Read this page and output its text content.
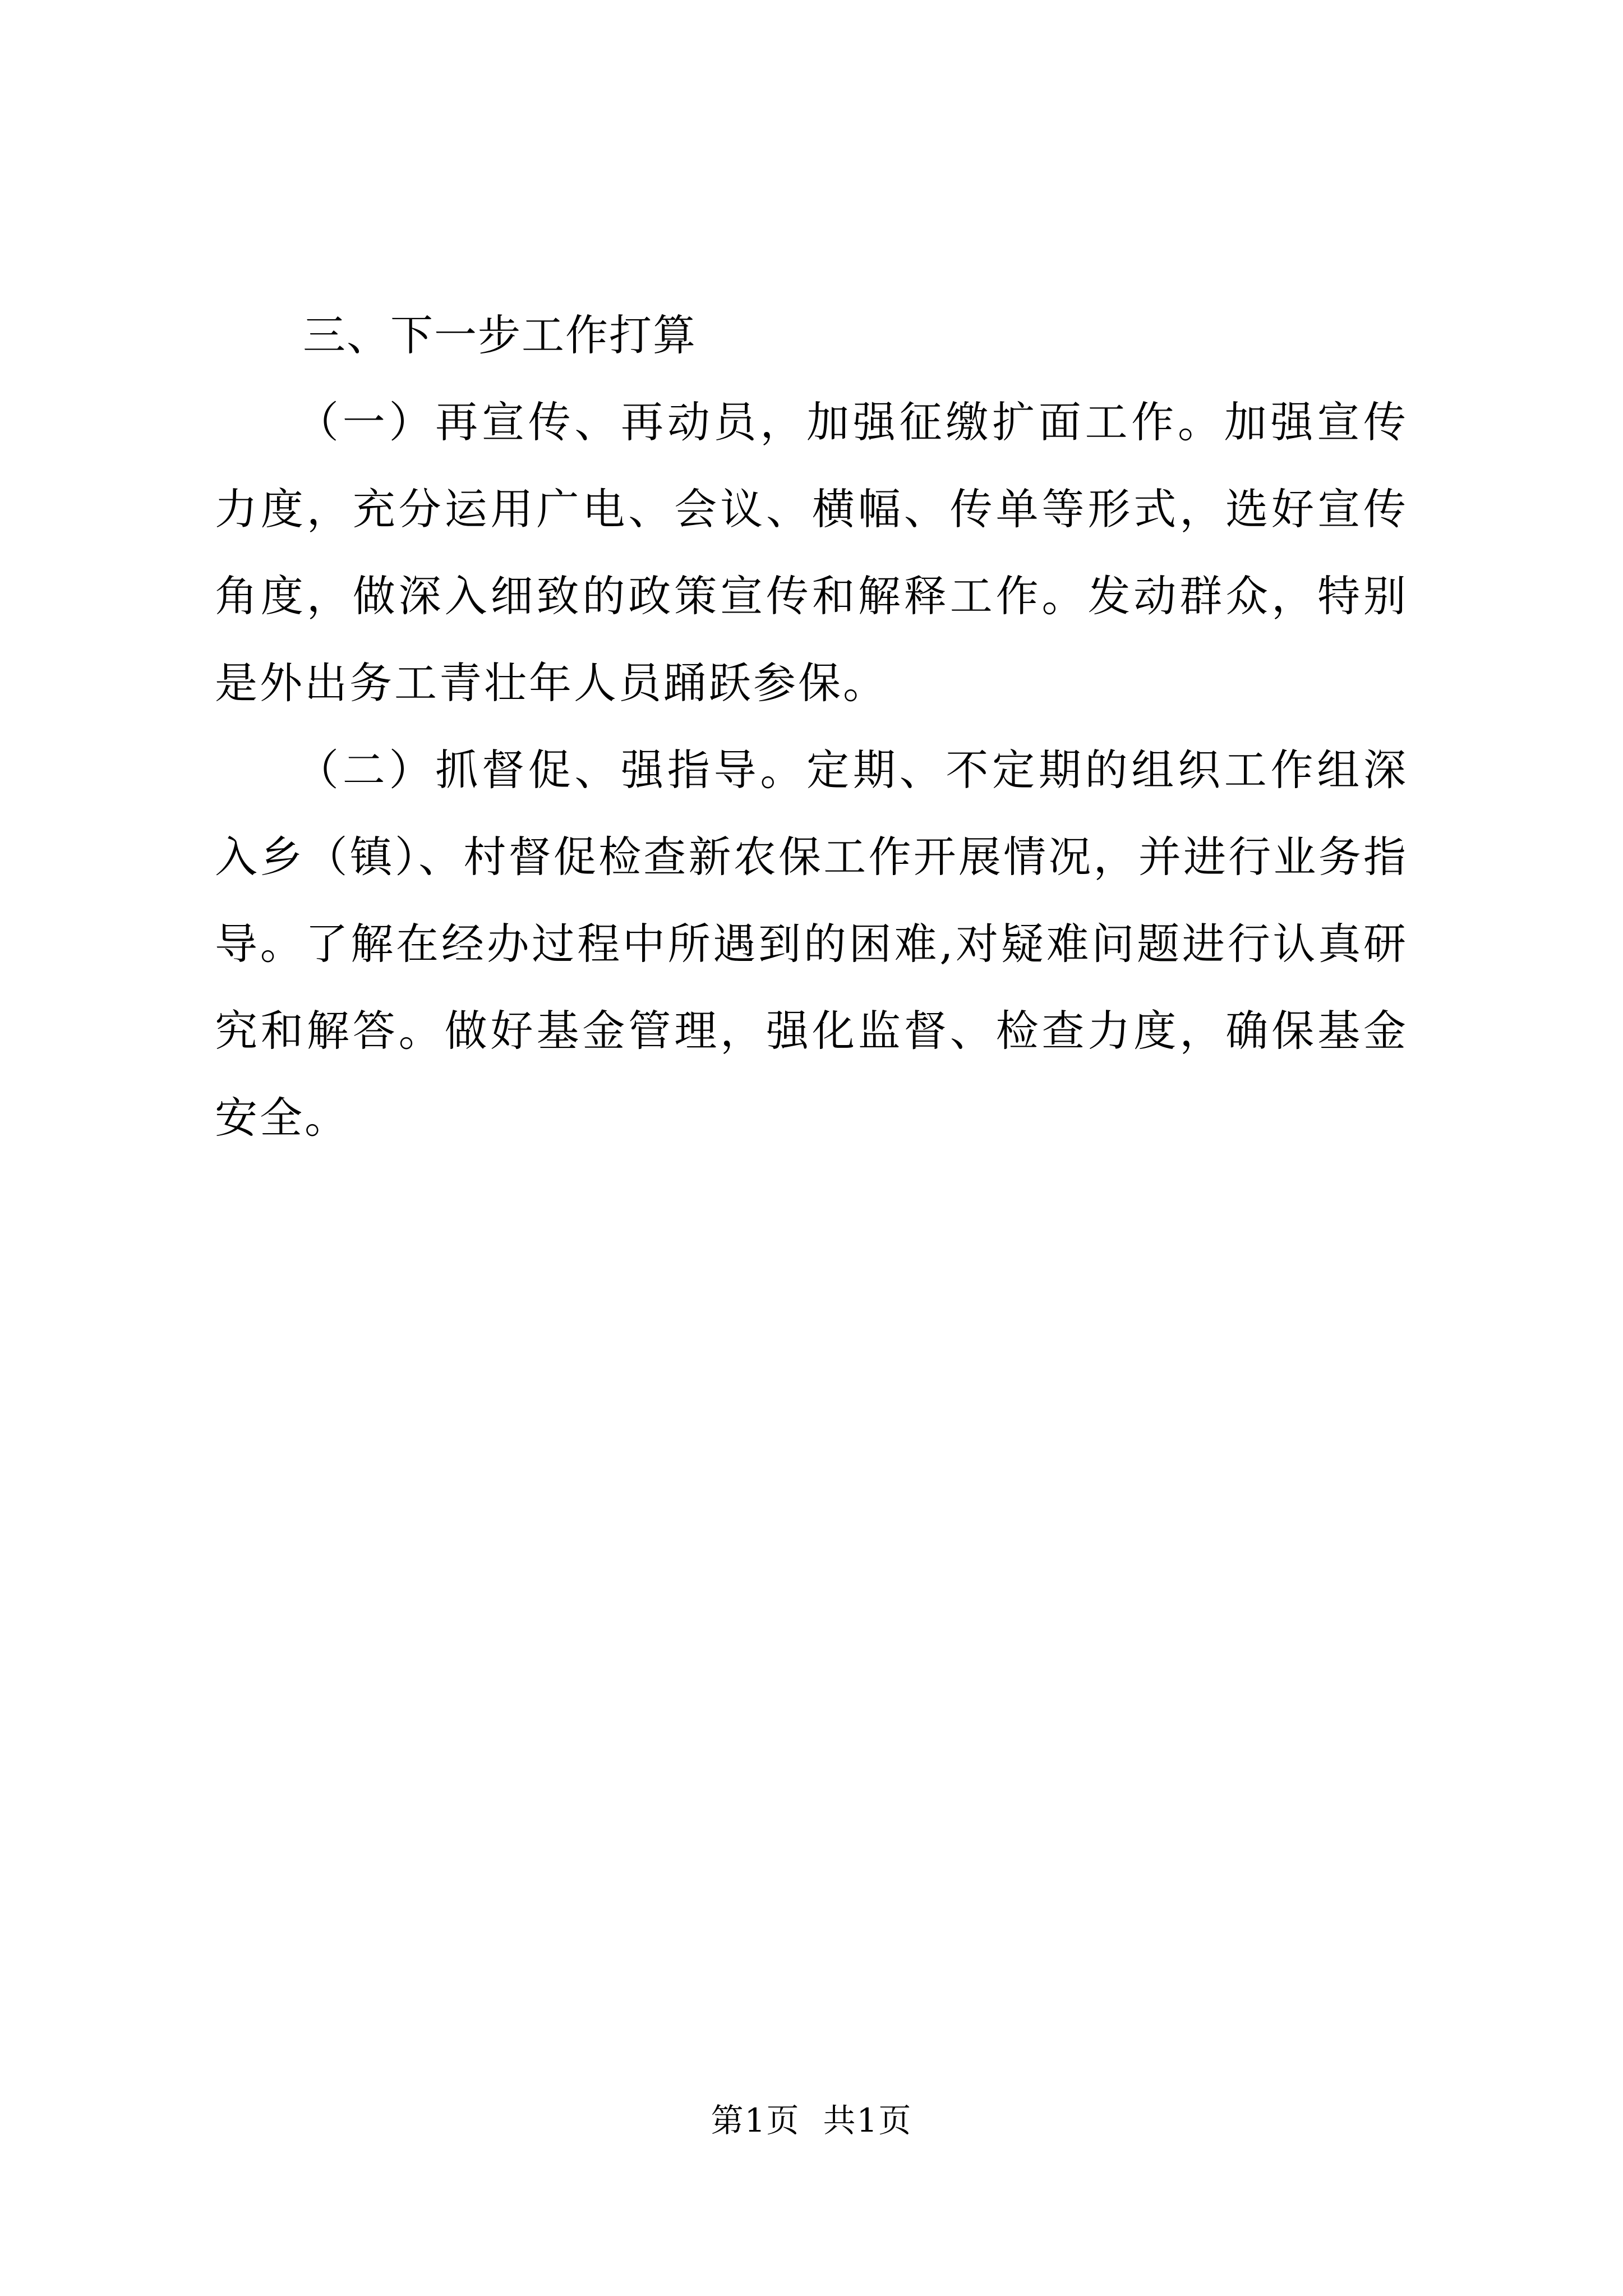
三、下一步工作打算

（一）再宣传、再动员，加强征缴扩面工作。加强宣传力度，充分运用广电、会议、横幅、传单等形式，选好宣传角度，做深入细致的政策宣传和解释工作。发动群众，特别是外出务工青壮年人员踊跃参保。

（二）抓督促、强指导。定期、不定期的组织工作组深入乡（镇）、村督促检查新农保工作开展情况，并进行业务指导。了解在经办过程中所遇到的困难,对疑难问题进行认真研究和解答。做好基金管理，强化监督、检查力度，确保基金安全。

第1页 共1页
